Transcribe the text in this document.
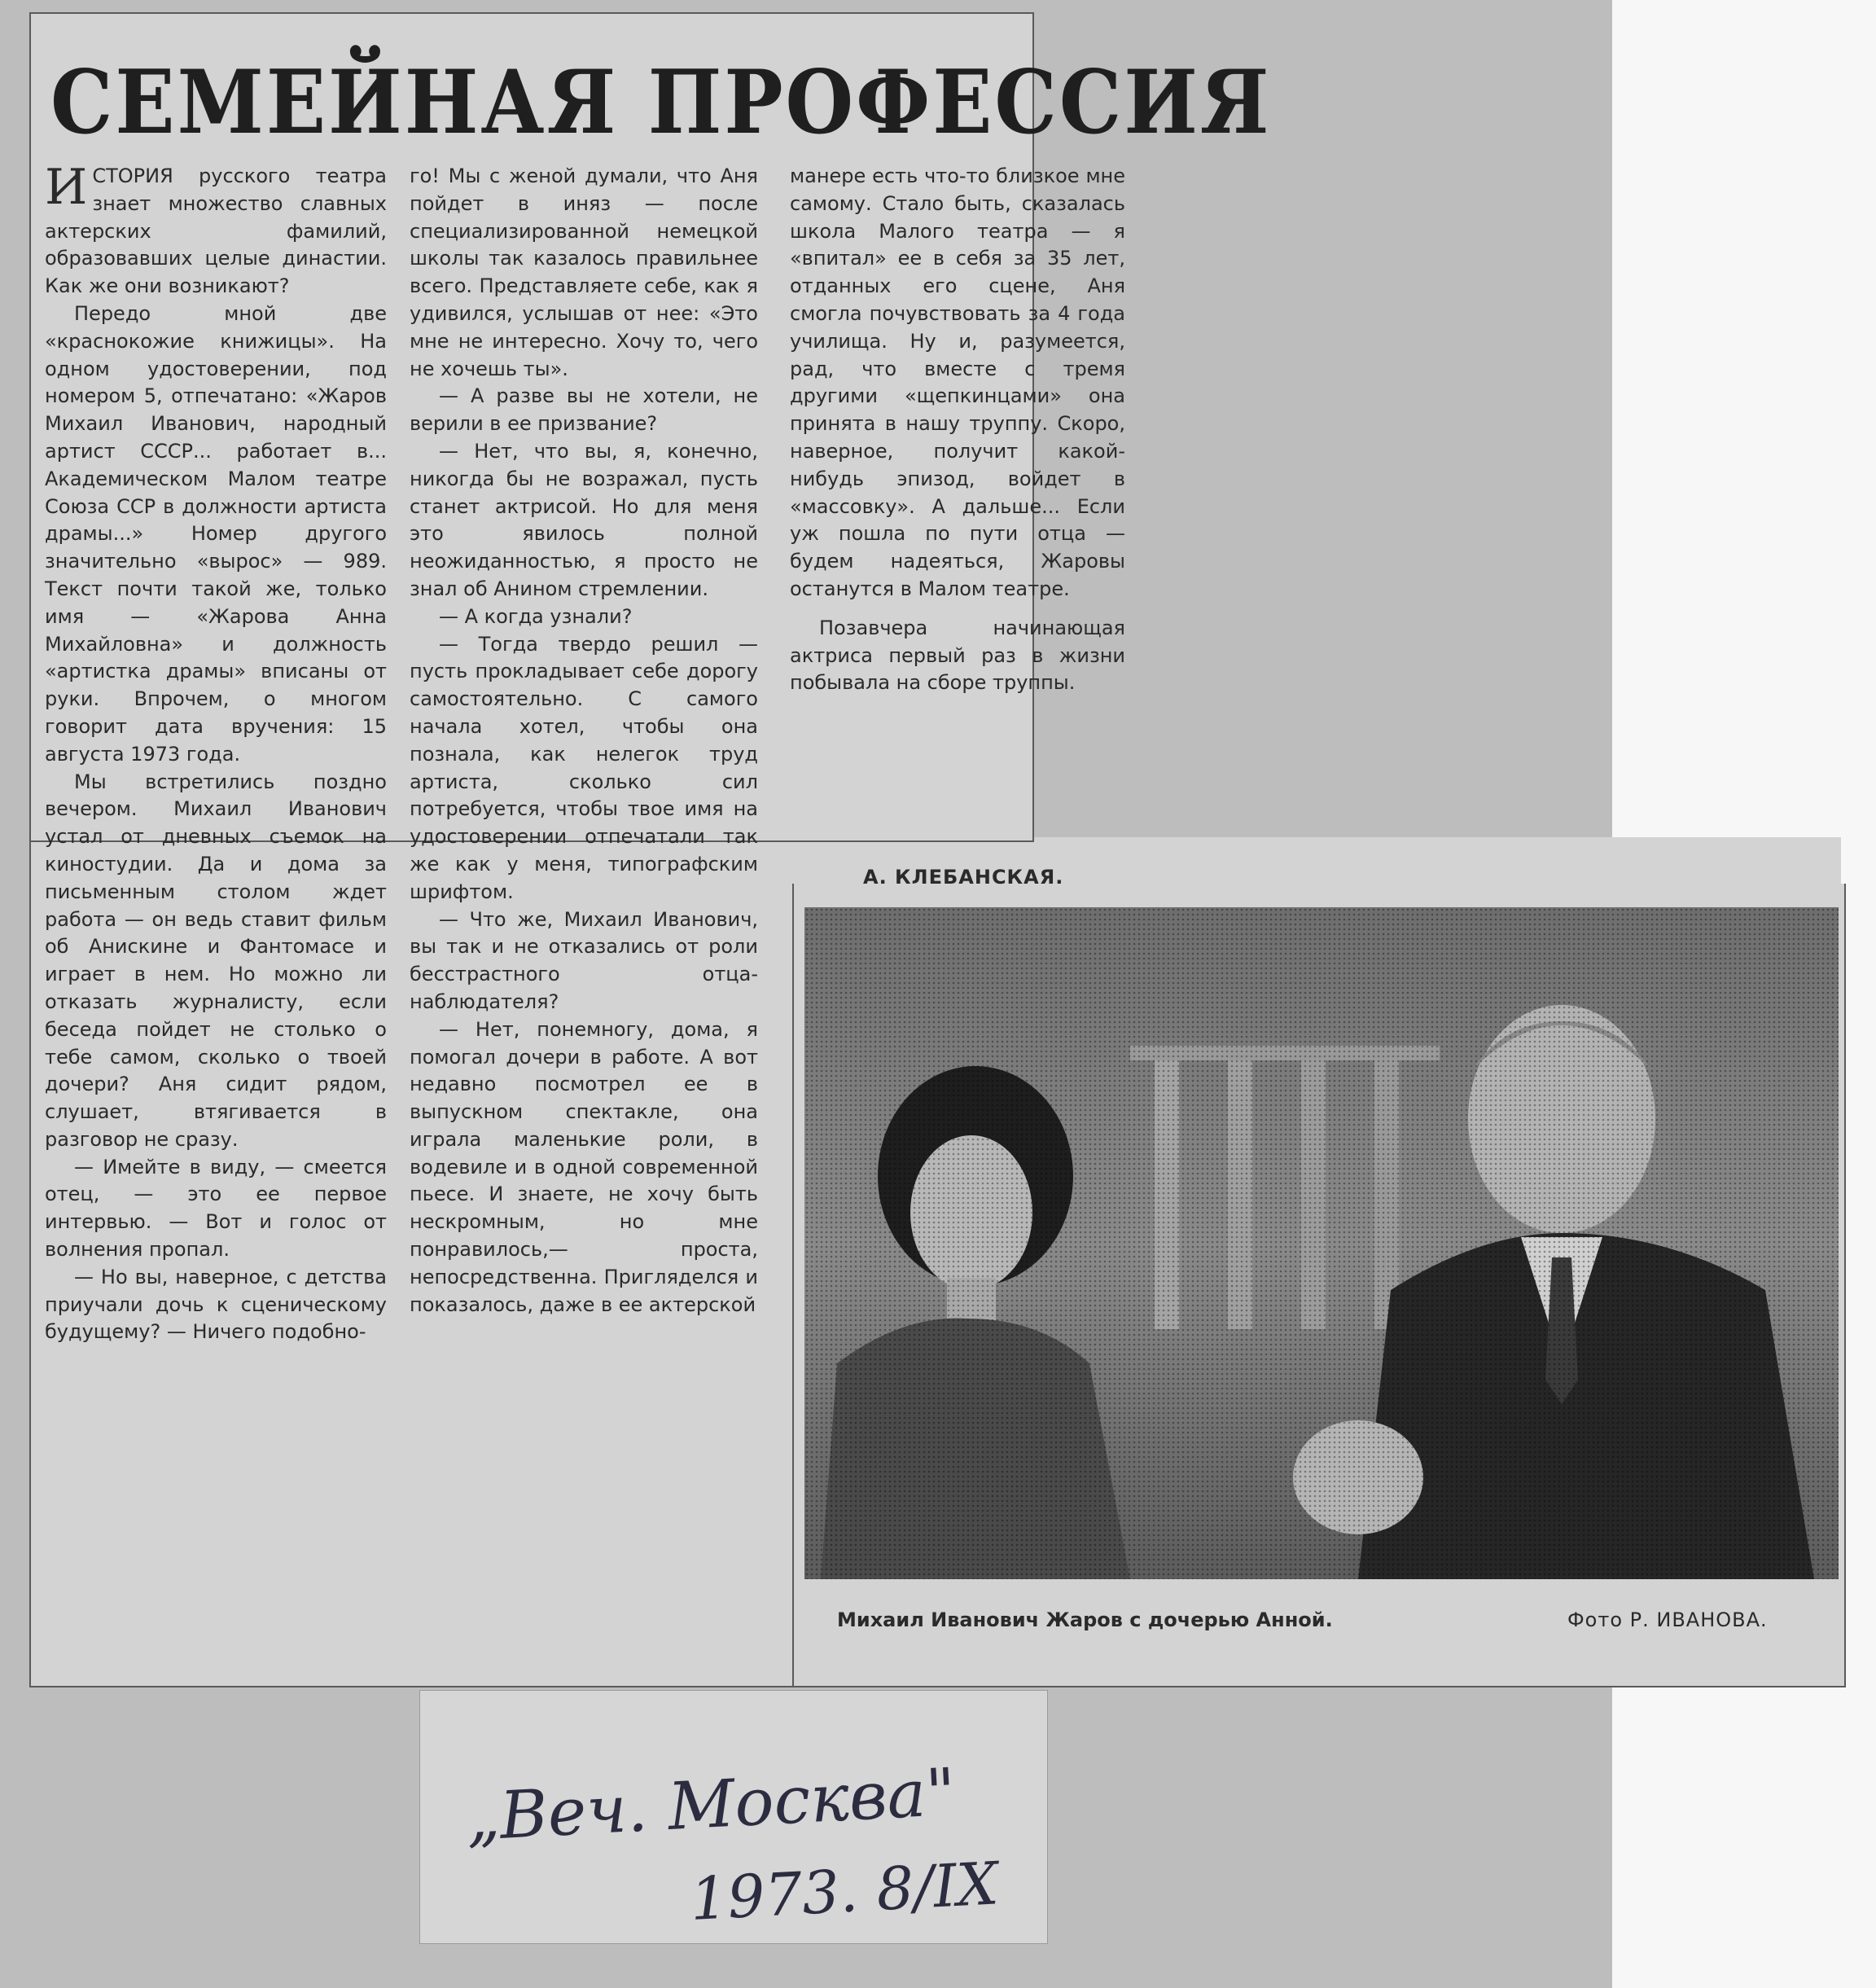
СЕМЕЙНАЯ ПРОФЕССИЯ

ИСТОРИЯ русского театра знает множество славных актерских фамилий, образовавших целые династии. Как же они возникают?

Передо мной две «краснокожие книжицы». На одном удостоверении, под номером 5, отпечатано: «Жаров Михаил Иванович, народный артист СССР... работает в... Академическом Малом театре Союза ССР в должности артиста драмы...» Номер другого значительно «вырос» — 989. Текст почти такой же, только имя — «Жарова Анна Михайловна» и должность «артистка драмы» вписаны от руки. Впрочем, о многом говорит дата вручения: 15 августа 1973 года.

Мы встретились поздно вечером. Михаил Иванович устал от дневных съемок на киностудии. Да и дома за письменным столом ждет работа — он ведь ставит фильм об Анискине и Фантомасе и играет в нем. Но можно ли отказать журналисту, если беседа пойдет не столько о тебе самом, сколько о твоей дочери? Аня сидит рядом, слушает, втягивается в разговор не сразу.

— Имейте в виду, — смеется отец, — это ее первое интервью. — Вот и голос от волнения пропал.

— Но вы, наверное, с детства приучали дочь к сценическому будущему? — Ничего подобно-

го! Мы с женой думали, что Аня пойдет в иняз — после специализированной немецкой школы так казалось правильнее всего. Представляете себе, как я удивился, услышав от нее: «Это мне не интересно. Хочу то, чего не хочешь ты».

— А разве вы не хотели, не верили в ее призвание?

— Нет, что вы, я, конечно, никогда бы не возражал, пусть станет актрисой. Но для меня это явилось полной неожиданностью, я просто не знал об Анином стремлении.

— А когда узнали?

— Тогда твердо решил — пусть прокладывает себе дорогу самостоятельно. С самого начала хотел, чтобы она познала, как нелегок труд артиста, сколько сил потребуется, чтобы твое имя на удостоверении отпечатали так же как у меня, типографским шрифтом.

— Что же, Михаил Иванович, вы так и не отказались от роли бесстрастного отца-наблюдателя?

— Нет, понемногу, дома, я помогал дочери в работе. А вот недавно посмотрел ее в выпускном спектакле, она играла маленькие роли, в водевиле и в одной современной пьесе. И знаете, не хочу быть нескромным, но мне понравилось,— проста, непосредственна. Пригляделся и показалось, даже в ее актерской

манере есть что-то близкое мне самому. Стало быть, сказалась школа Малого театра — я «впитал» ее в себя за 35 лет, отданных его сцене, Аня смогла почувствовать за 4 года училища. Ну и, разумеется, рад, что вместе с тремя другими «щепкинцами» она принята в нашу труппу. Скоро, наверное, получит какой-нибудь эпизод, войдет в «массовку». А дальше... Если уж пошла по пути отца — будем надеяться, Жаровы останутся в Малом театре.

Позавчера начинающая актриса первый раз в жизни побывала на сборе труппы.

А. КЛЕБАНСКАЯ.
Михаил Иванович Жаров с дочерью Анной.	Фото Р. ИВАНОВА.
„Веч. Москва"
1973. 8/IX
